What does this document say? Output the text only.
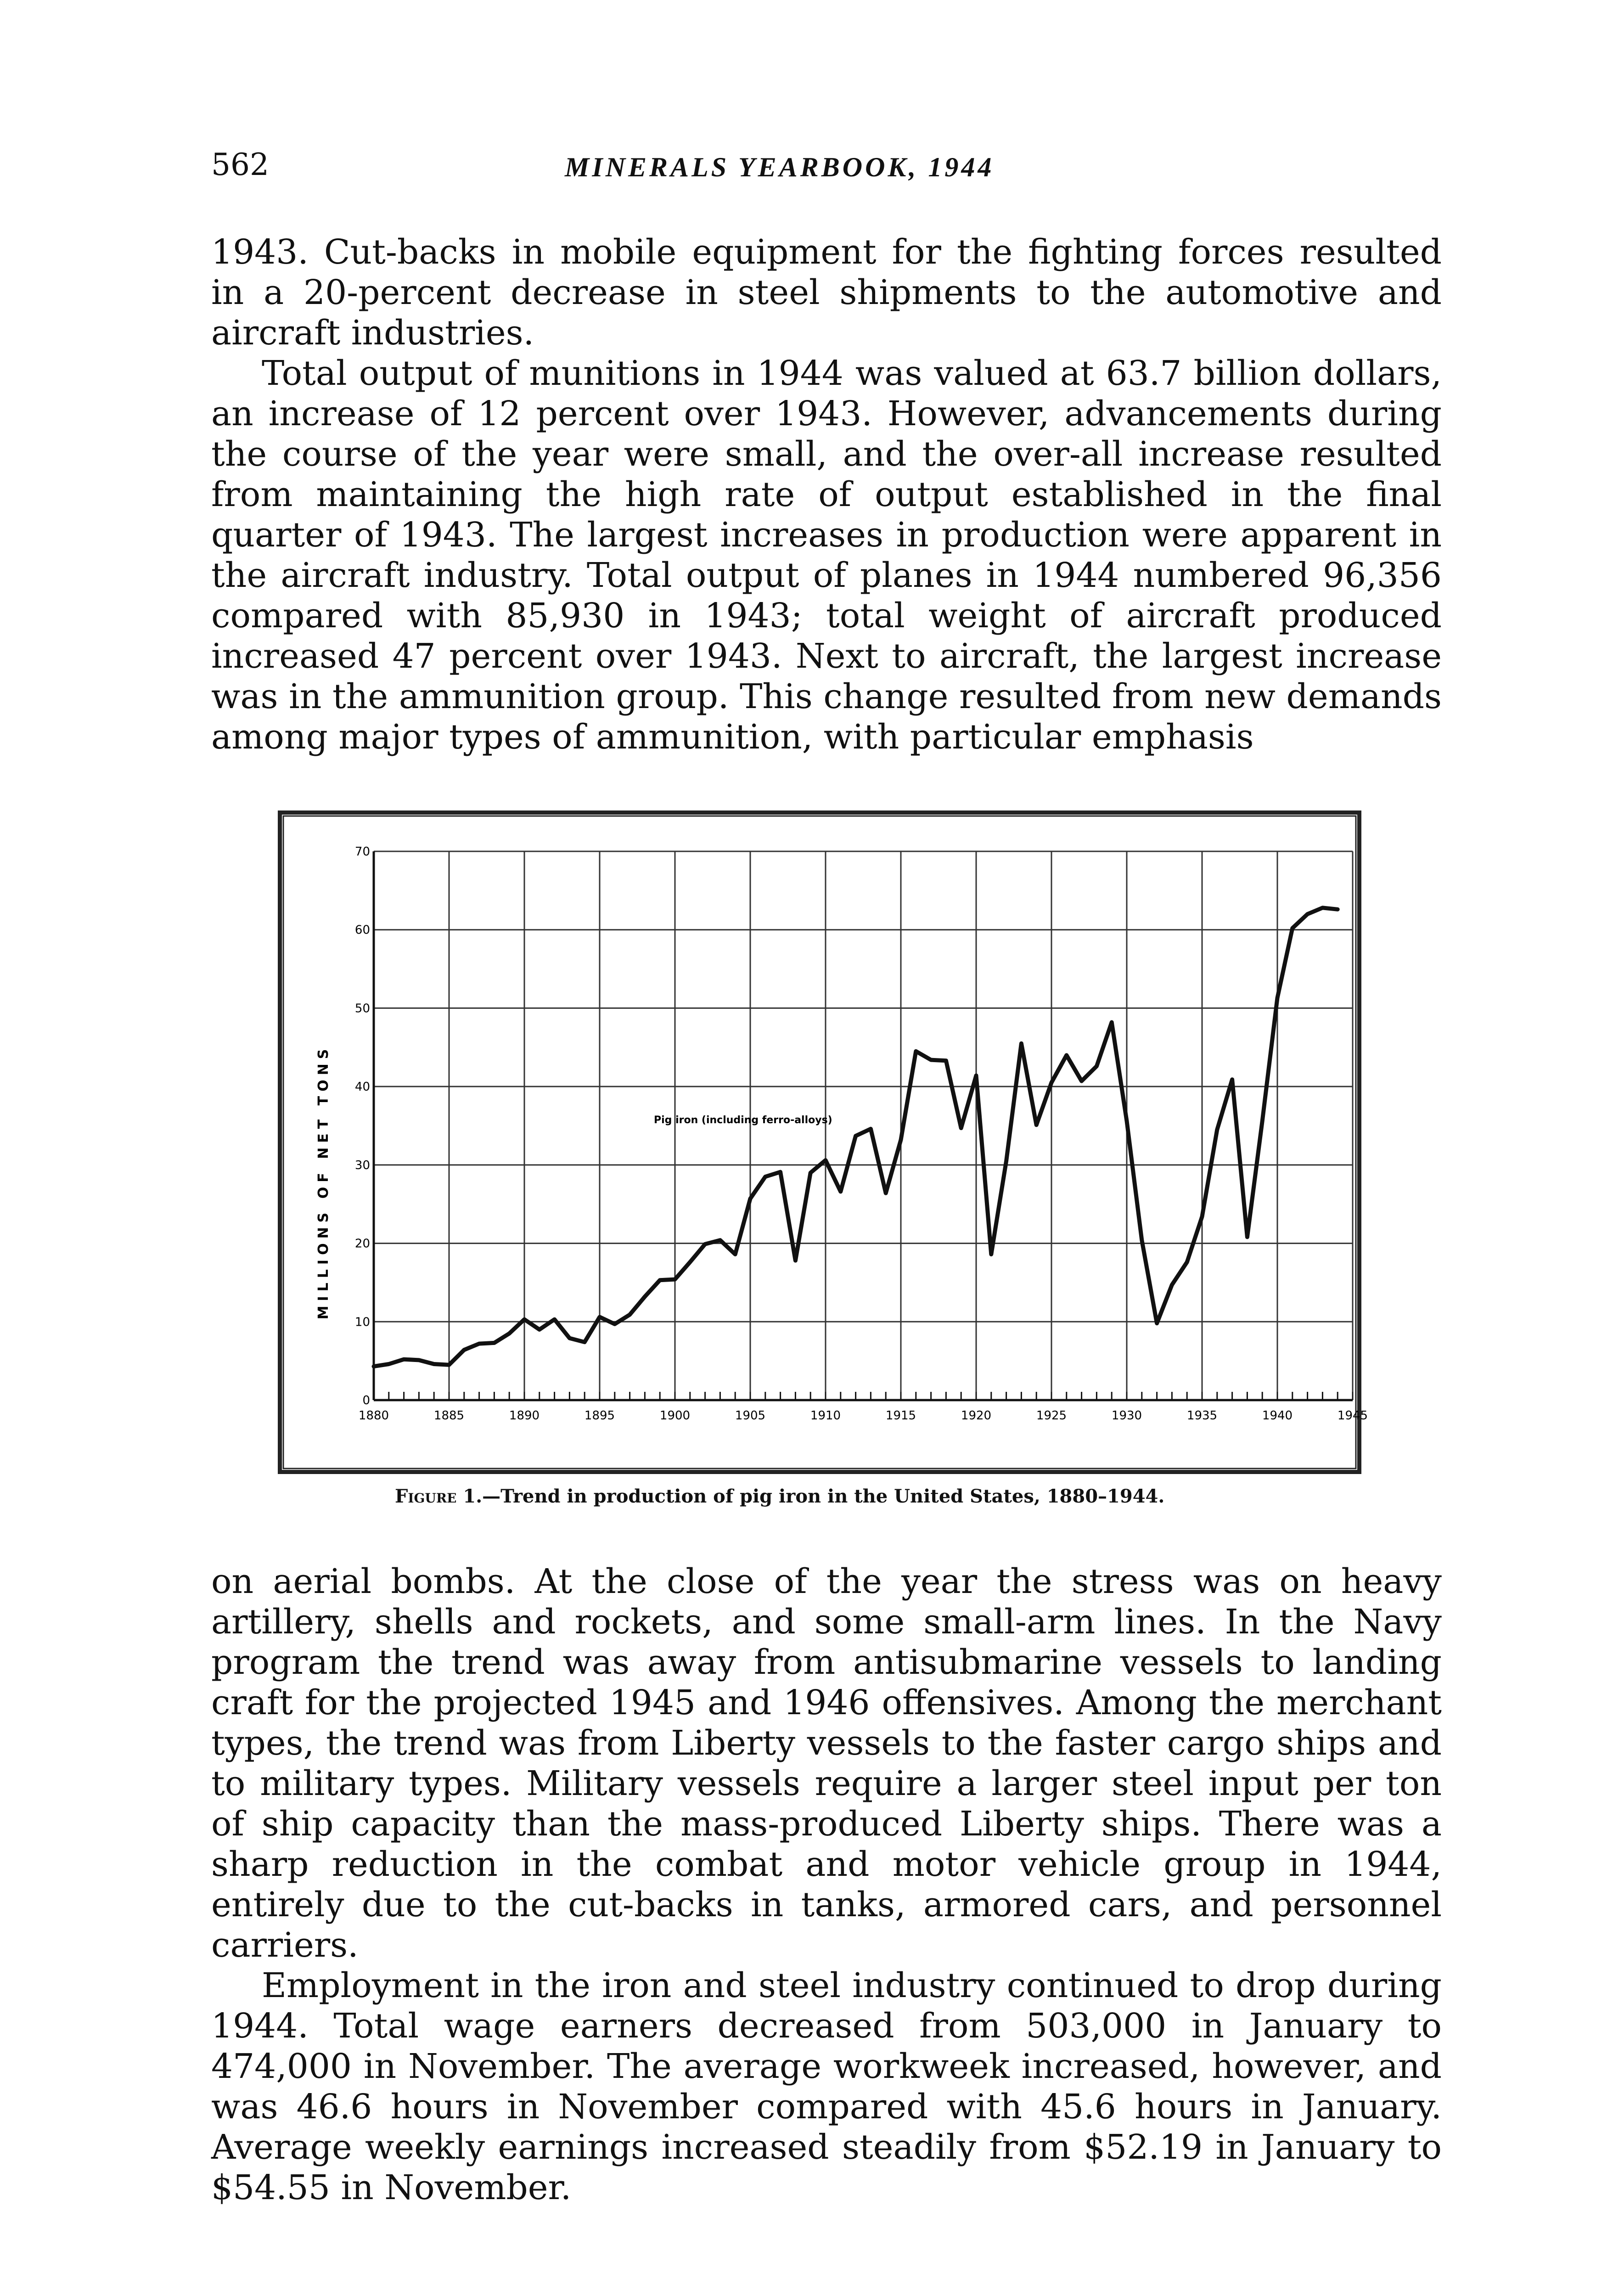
562	MINERALS YEARBOOK, 1944

1943. Cut-backs in mobile equipment for the fighting forces resulted in a 20-percent decrease in steel shipments to the automotive and aircraft industries.

Total output of munitions in 1944 was valued at 63.7 billion dollars, an increase of 12 percent over 1943. However, advancements during the course of the year were small, and the over-all increase resulted from maintaining the high rate of output established in the final quarter of 1943. The largest increases in production were apparent in the aircraft industry. Total output of planes in 1944 numbered 96,356 compared with 85,930 in 1943; total weight of aircraft produced increased 47 percent over 1943. Next to aircraft, the largest increase was in the ammunition group. This change resulted from new demands among major types of ammunition, with particular emphasis

1880	1885	1890	1895	1900	1905	1910	1915	1920	1925	1930	1935	1940	1945
0
10
20
30
40
50
60
70
MILLIONS OF NET TONS	Pig iron (including ferro-alloys)
Figure 1.—Trend in production of pig iron in the United States, 1880–1944.

on aerial bombs. At the close of the year the stress was on heavy artillery, shells and rockets, and some small-arm lines. In the Navy program the trend was away from antisubmarine vessels to landing craft for the projected 1945 and 1946 offensives. Among the merchant types, the trend was from Liberty vessels to the faster cargo ships and to military types. Military vessels require a larger steel input per ton of ship capacity than the mass-produced Liberty ships. There was a sharp reduction in the combat and motor vehicle group in 1944, entirely due to the cut-backs in tanks, armored cars, and personnel carriers.

Employment in the iron and steel industry continued to drop during 1944. Total wage earners decreased from 503,000 in January to 474,000 in November. The average workweek increased, however, and was 46.6 hours in November compared with 45.6 hours in January. Average weekly earnings increased steadily from $52.19 in January to $54.55 in November.
